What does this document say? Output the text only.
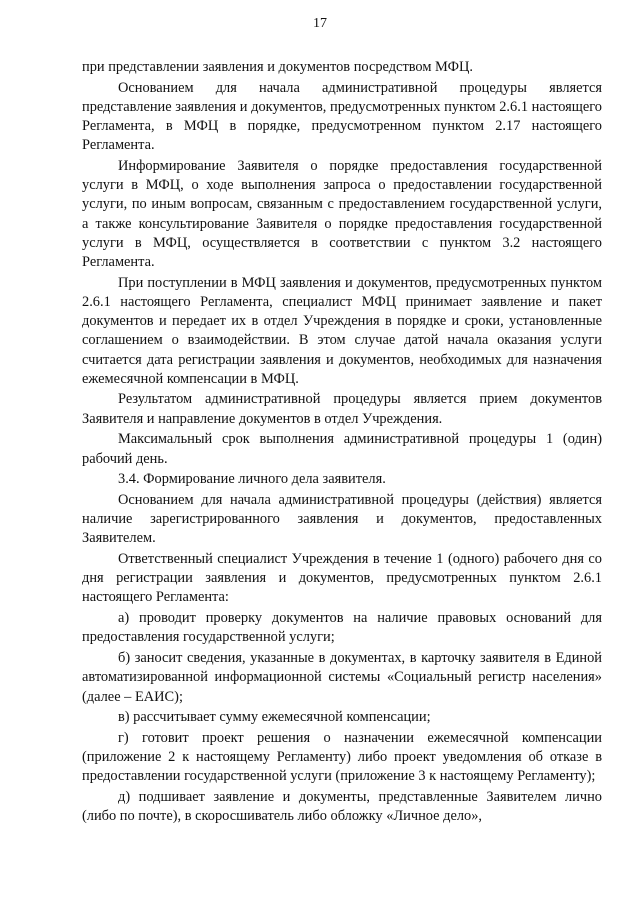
17

при представлении заявления и документов посредством МФЦ.

Основанием для начала административной процедуры является представление заявления и документов, предусмотренных пунктом 2.6.1 настоящего Регламента, в МФЦ в порядке, предусмотренном пунктом 2.17 настоящего Регламента.

Информирование Заявителя о порядке предоставления государственной услуги в МФЦ, о ходе выполнения запроса о предоставлении государственной услуги, по иным вопросам, связанным с предоставлением государственной услуги, а также консультирование Заявителя о порядке предоставления государственной услуги в МФЦ, осуществляется в соответствии с пунктом 3.2 настоящего Регламента.

При поступлении в МФЦ заявления и документов, предусмотренных пунктом 2.6.1 настоящего Регламента, специалист МФЦ принимает заявление и пакет документов и передает их в отдел Учреждения в порядке и сроки, установленные соглашением о взаимодействии. В этом случае датой начала оказания услуги считается дата регистрации заявления и документов, необходимых для назначения ежемесячной компенсации в МФЦ.

Результатом административной процедуры является прием документов Заявителя и направление документов в отдел Учреждения.

Максимальный срок выполнения административной процедуры 1 (один) рабочий день.

3.4. Формирование личного дела заявителя.

Основанием для начала административной процедуры (действия) является наличие зарегистрированного заявления и документов, предоставленных Заявителем.

Ответственный специалист Учреждения в течение 1 (одного) рабочего дня со дня регистрации заявления и документов, предусмотренных пунктом 2.6.1 настоящего Регламента:

а) проводит проверку документов на наличие правовых оснований для предоставления государственной услуги;

б) заносит сведения, указанные в документах, в карточку заявителя в Единой автоматизированной информационной системы «Социальный регистр населения» (далее – ЕАИС);

в) рассчитывает сумму ежемесячной компенсации;

г) готовит проект решения о назначении ежемесячной компенсации (приложение 2 к настоящему Регламенту) либо проект уведомления об отказе в предоставлении государственной услуги (приложение 3 к настоящему Регламенту);

д) подшивает заявление и документы, представленные Заявителем лично (либо по почте), в скоросшиватель либо обложку «Личное дело»,
